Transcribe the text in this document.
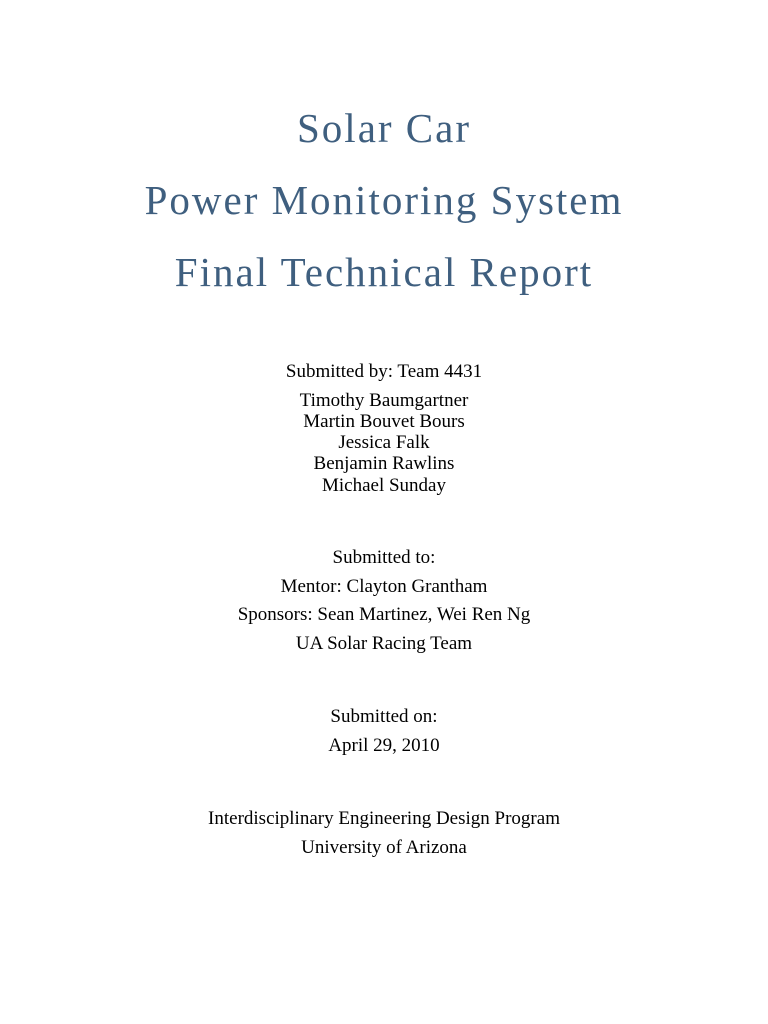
Solar Car
Power Monitoring System
Final Technical Report
Submitted by: Team 4431
Timothy Baumgartner
Martin Bouvet Bours
Jessica Falk
Benjamin Rawlins
Michael Sunday
Submitted to:
Mentor: Clayton Grantham
Sponsors: Sean Martinez, Wei Ren Ng
UA Solar Racing Team
Submitted on:
April 29, 2010
Interdisciplinary Engineering Design Program
University of Arizona
